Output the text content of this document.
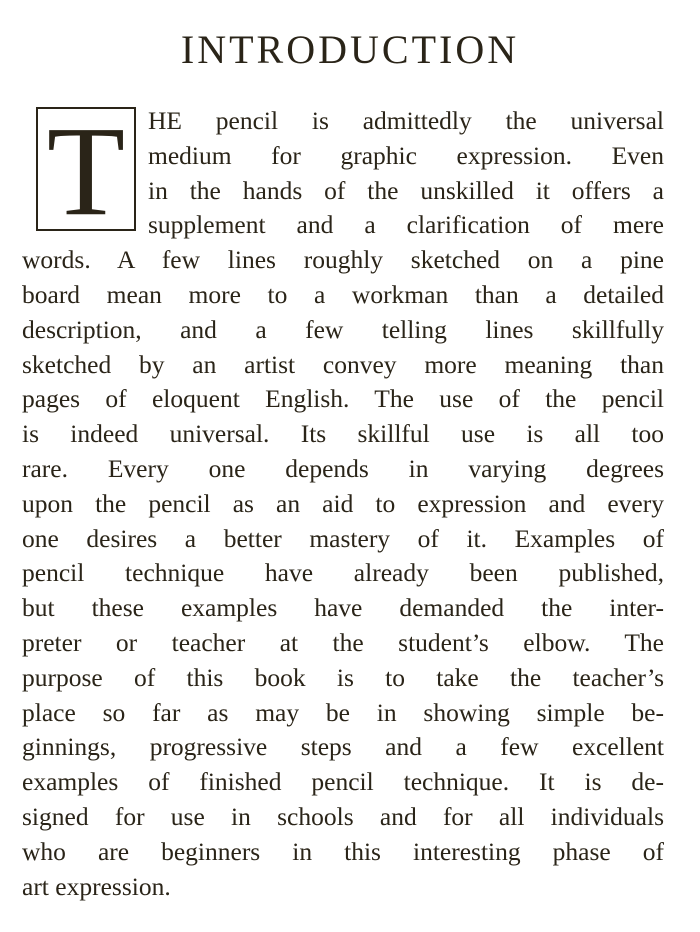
INTRODUCTION
T HE pencil is admittedly the universal
medium for graphic expression. Even
in the hands of the unskilled it offers a
supplement and a clarification of mere
words. A few lines roughly sketched on a pine
board mean more to a workman than a detailed
description, and a few telling lines skillfully
sketched by an artist convey more meaning than
pages of eloquent English. The use of the pencil
is indeed universal. Its skillful use is all too
rare. Every one depends in varying degrees
upon the pencil as an aid to expression and every
one desires a better mastery of it. Examples of
pencil technique have already been published,
but these examples have demanded the inter-
preter or teacher at the student’s elbow. The
purpose of this book is to take the teacher’s
place so far as may be in showing simple be-
ginnings, progressive steps and a few excellent
examples of finished pencil technique. It is de-
signed for use in schools and for all individuals
who are beginners in this interesting phase of
art expression.
